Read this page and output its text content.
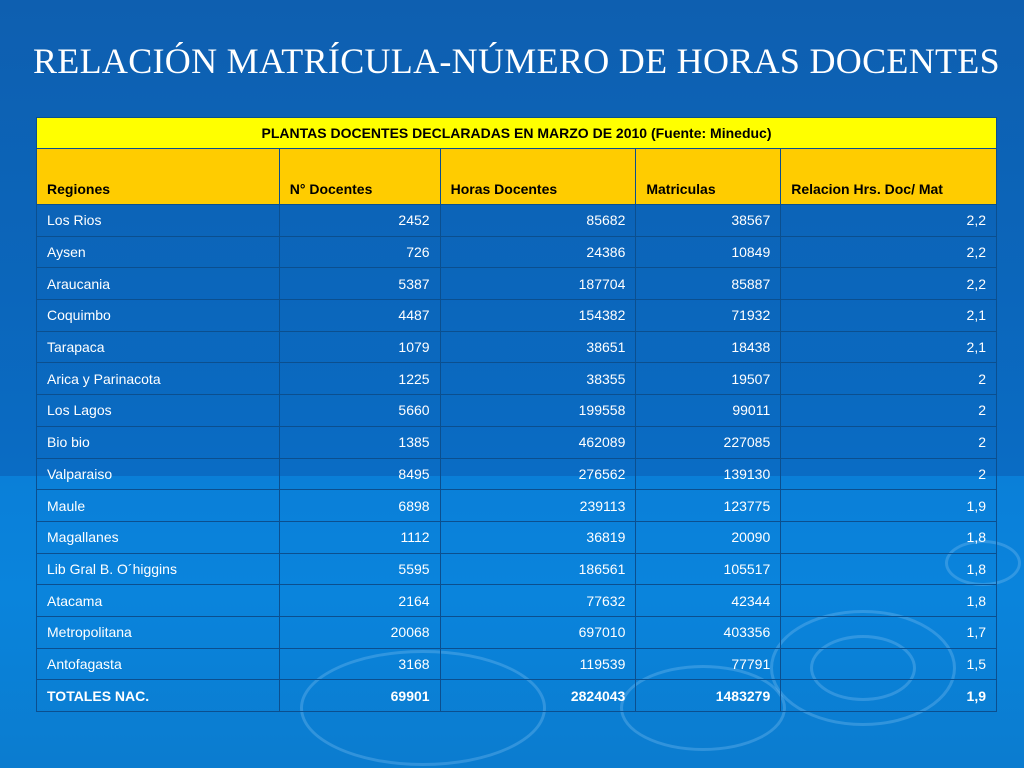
RELACIÓN MATRÍCULA-NÚMERO DE HORAS DOCENTES
PLANTAS DOCENTES DECLARADAS EN MARZO DE 2010 (Fuente: Mineduc)				
Regiones	N° Docentes	Horas Docentes	Matriculas	Relacion Hrs. Doc/ Mat
Los Rios	2452	85682	38567	2,2
Aysen	726	24386	10849	2,2
Araucania	5387	187704	85887	2,2
Coquimbo	4487	154382	71932	2,1
Tarapaca	1079	38651	18438	2,1
Arica y Parinacota	1225	38355	19507	2
Los Lagos	5660	199558	99011	2
Bio bio	1385	462089	227085	2
Valparaiso	8495	276562	139130	2
Maule	6898	239113	123775	1,9
Magallanes	1112	36819	20090	1,8
Lib Gral B. O´higgins	5595	186561	105517	1,8
Atacama	2164	77632	42344	1,8
Metropolitana	20068	697010	403356	1,7
Antofagasta	3168	119539	77791	1,5
TOTALES NAC.	69901	2824043	1483279	1,9
